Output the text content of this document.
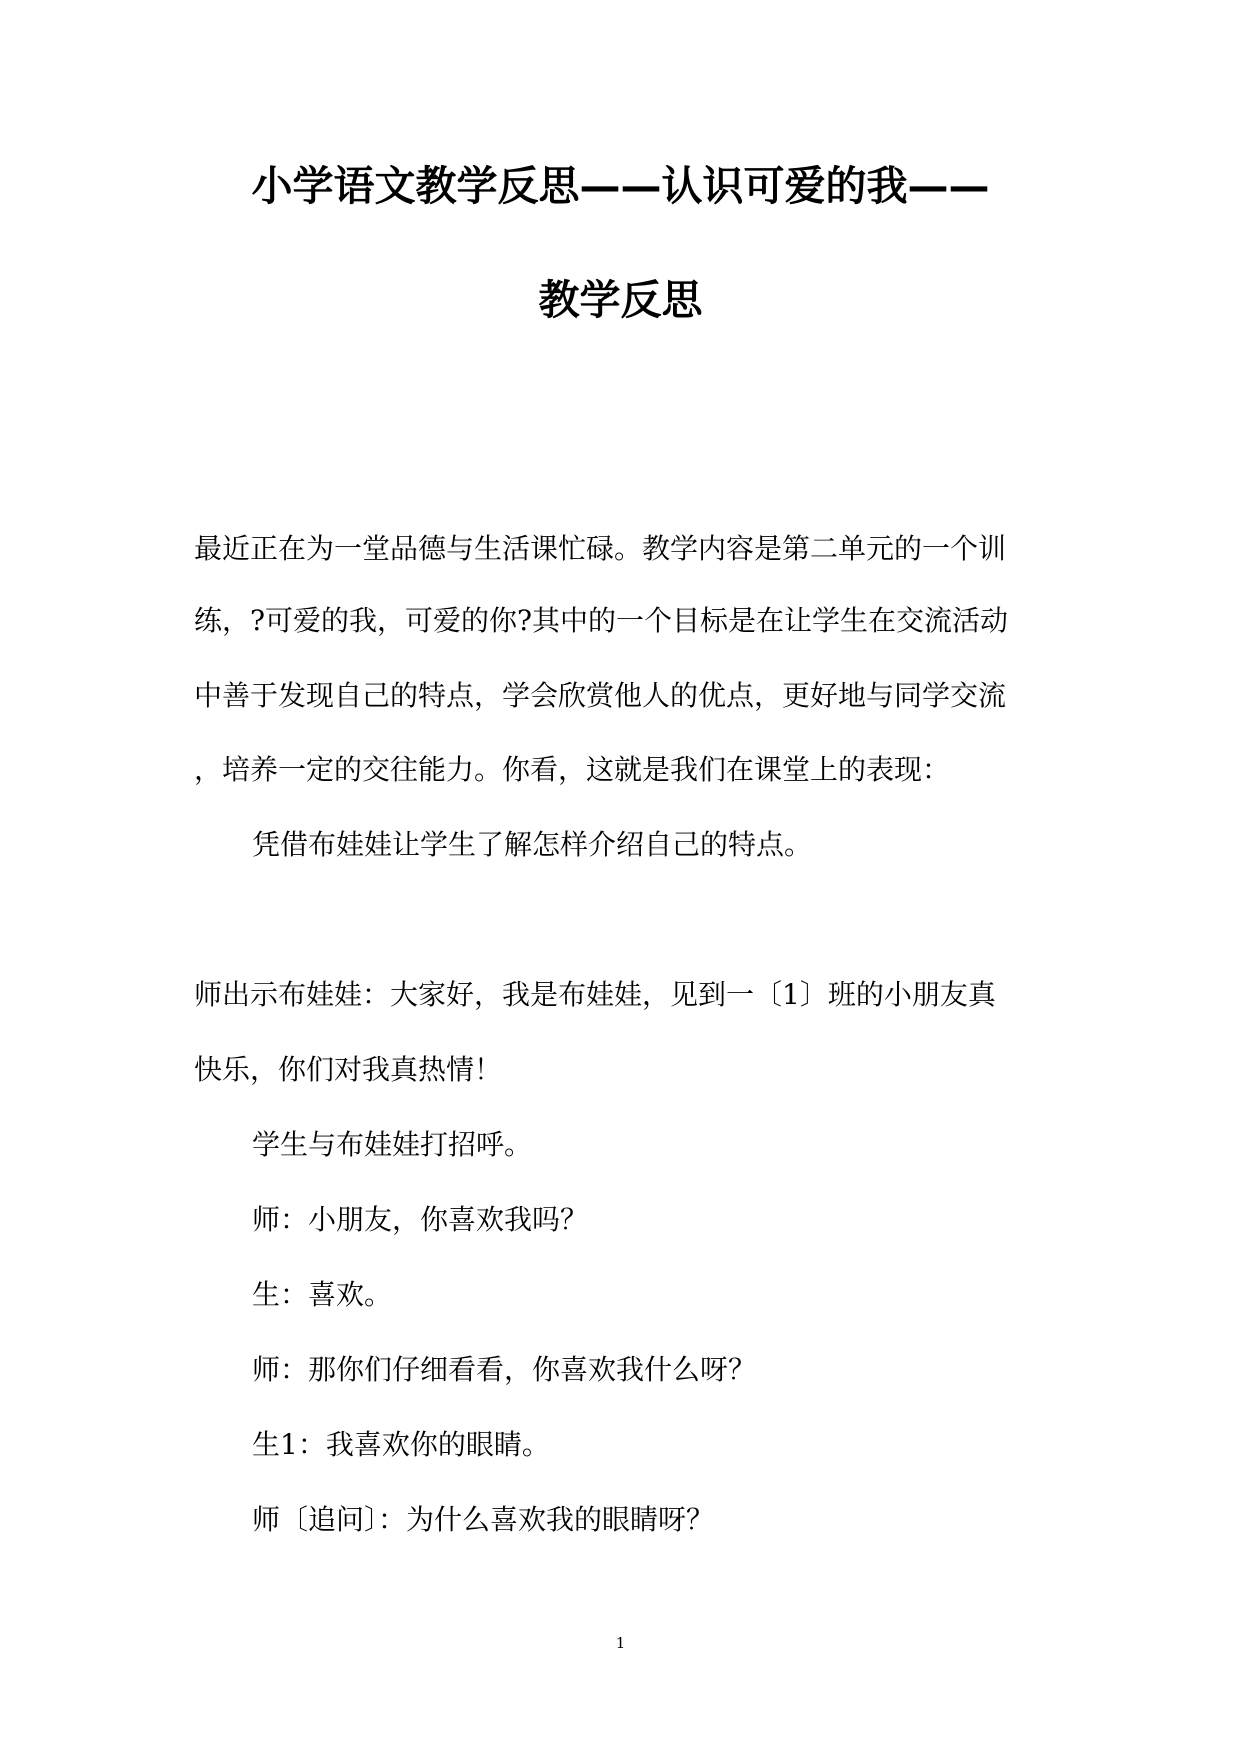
小学语文教学反思——认识可爱的我——
教学反思
最近正在为一堂品德与生活课忙碌。教学内容是第二单元的一个训
练，?可爱的我，可爱的你?其中的一个目标是在让学生在交流活动
中善于发现自己的特点，学会欣赏他人的优点，更好地与同学交流
，培养一定的交往能力。你看，这就是我们在课堂上的表现：
凭借布娃娃让学生了解怎样介绍自己的特点。
师出示布娃娃：大家好，我是布娃娃，见到一〔1〕班的小朋友真
快乐，你们对我真热情！
学生与布娃娃打招呼。
师：小朋友，你喜欢我吗？
生：喜欢。
师：那你们仔细看看，你喜欢我什么呀？
生1：我喜欢你的眼睛。
师〔追问〕：为什么喜欢我的眼睛呀？
1
